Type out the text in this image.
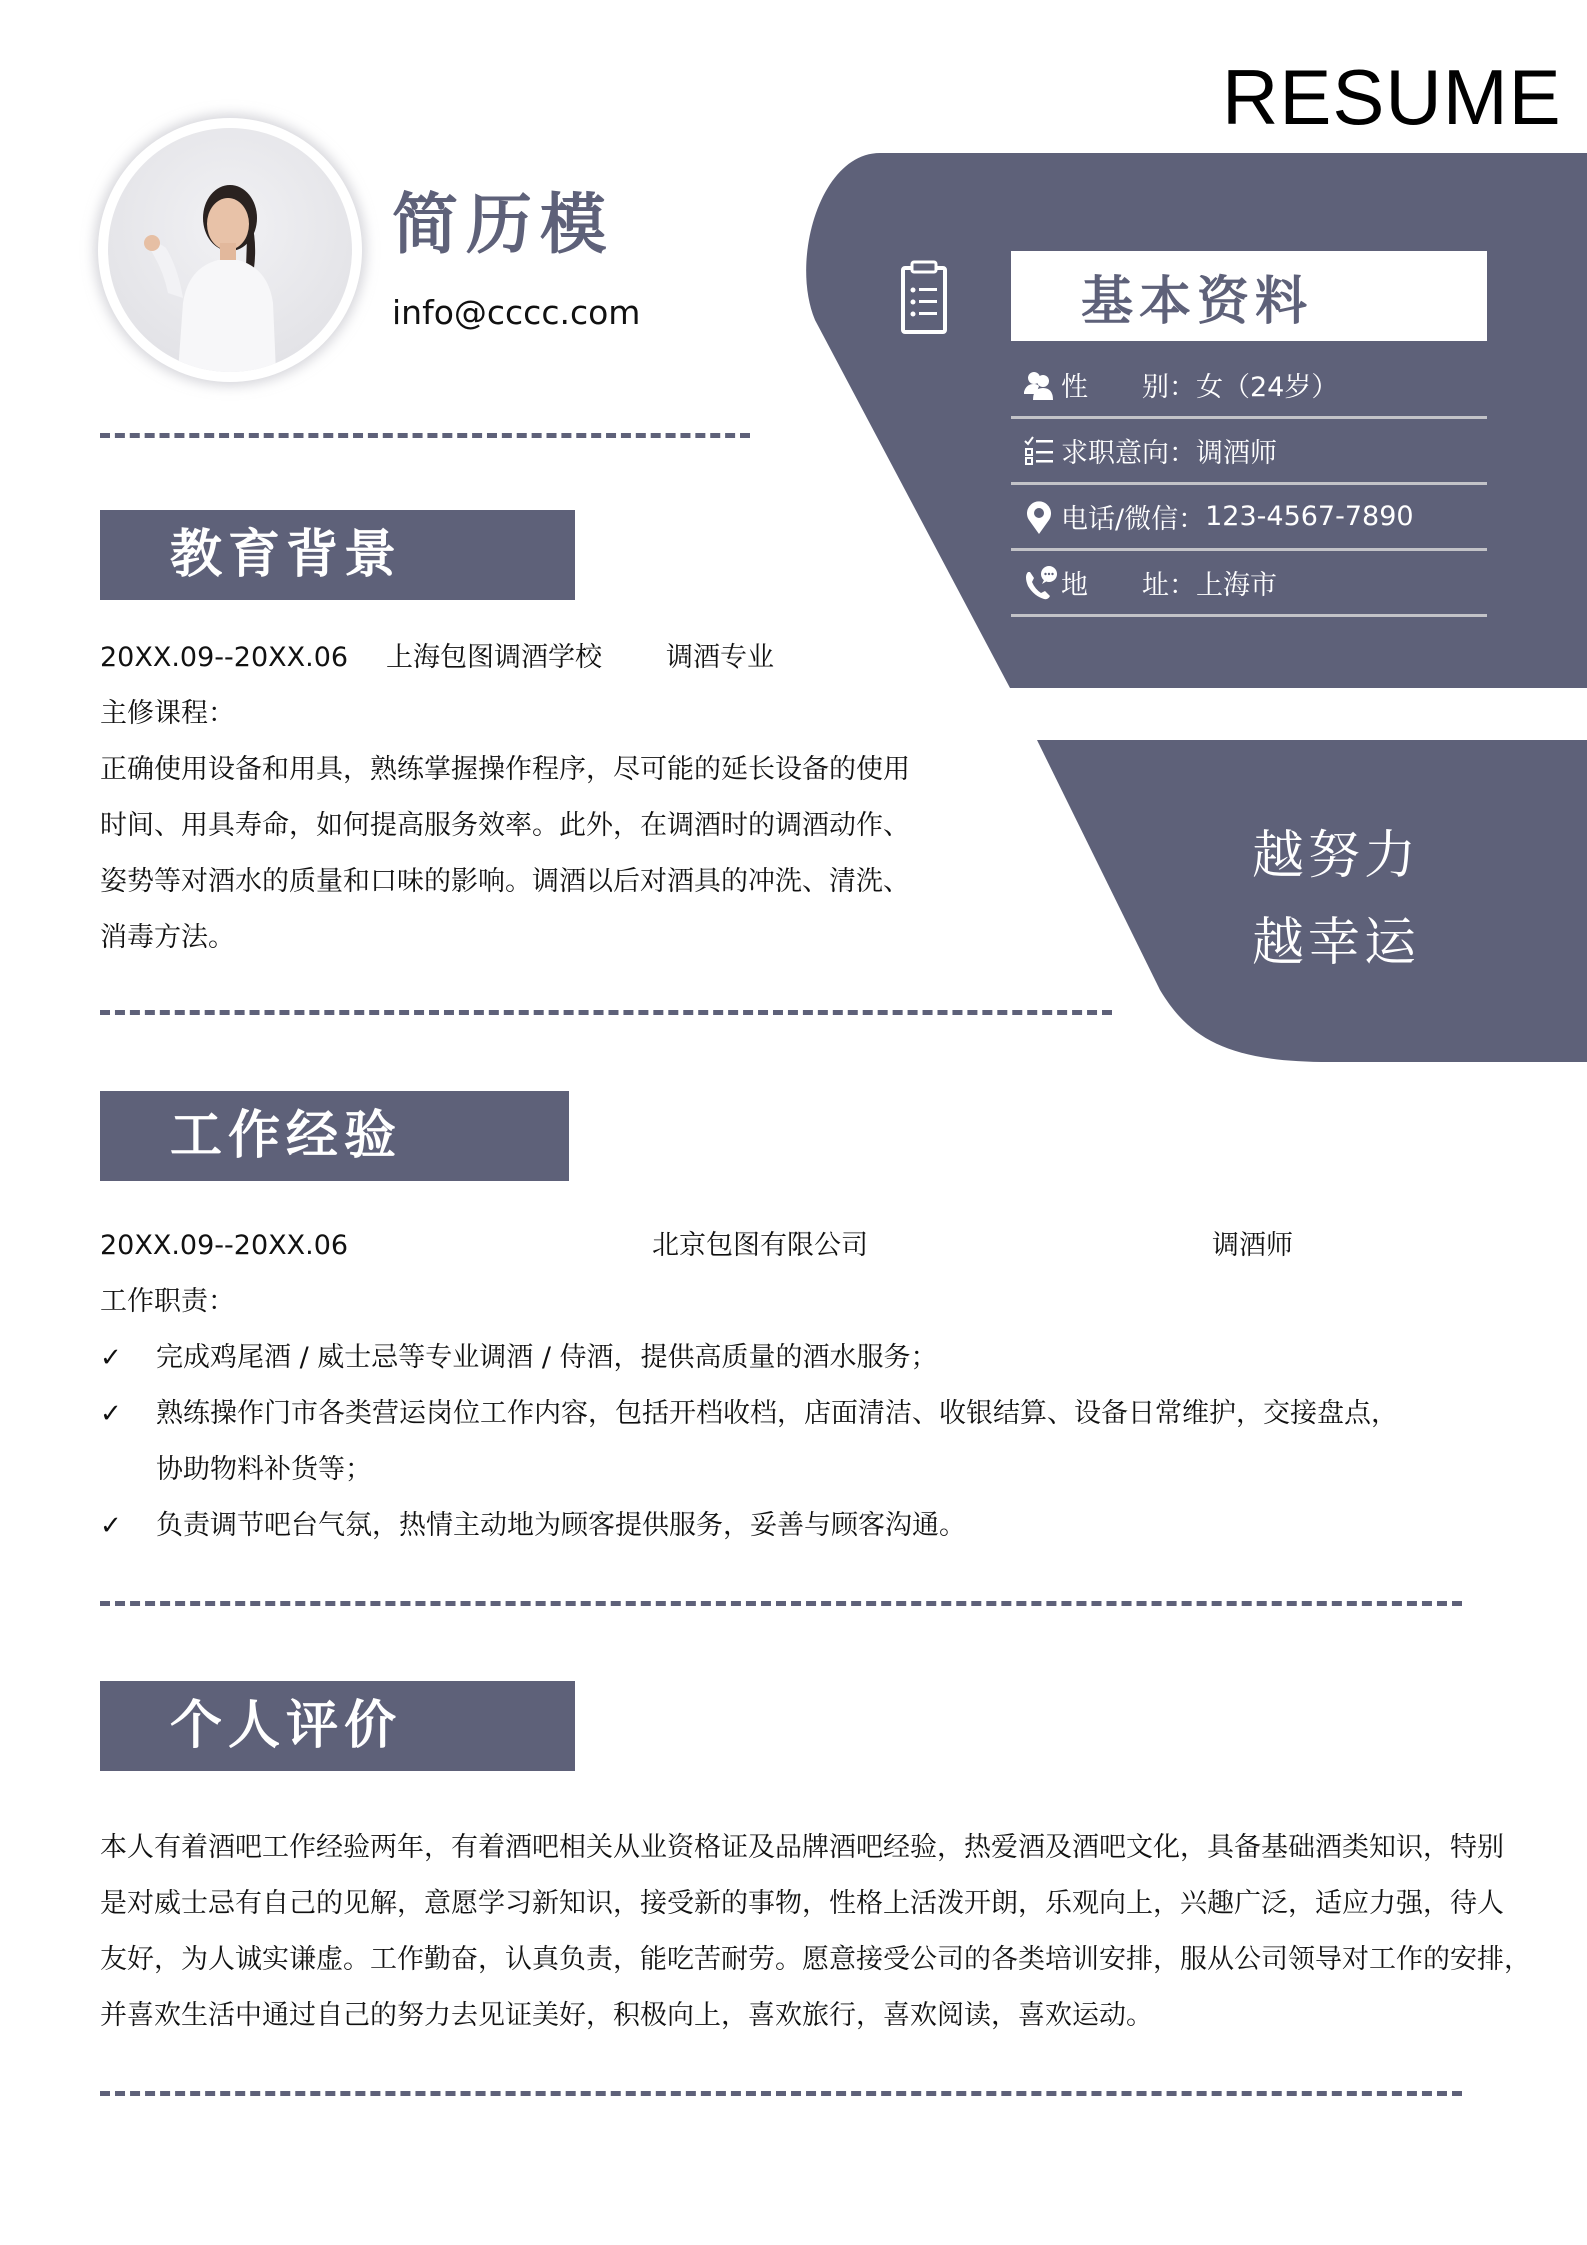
RESUME
简历模
info@cccc.com	基本资料
性　　别： 女（24岁）
求职意向： 调酒师
电话/微信： 123-4567-7890
地　　址： 上海市
越努力
越幸运
教育背景
20XX.09--20XX.06	上海包图调酒学校	调酒专业
主修课程：
正确使用设备和用具，熟练掌握操作程序，尽可能的延长设备的使用
时间、用具寿命，如何提高服务效率。此外，在调酒时的调酒动作、
姿势等对酒水的质量和口味的影响。调酒以后对酒具的冲洗、清洗、
消毒方法。
工作经验
20XX.09--20XX.06	北京包图有限公司	调酒师
工作职责：
✓	完成鸡尾酒 / 威士忌等专业调酒 / 侍酒，提供高质量的酒水服务；
✓	熟练操作门市各类营运岗位工作内容，包括开档收档，店面清洁、收银结算、设备日常维护，交接盘点，
协助物料补货等；
✓	负责调节吧台气氛，热情主动地为顾客提供服务，妥善与顾客沟通。
个人评价
本人有着酒吧工作经验两年，有着酒吧相关从业资格证及品牌酒吧经验，热爱酒及酒吧文化，具备基础酒类知识，特别
是对威士忌有自己的见解，意愿学习新知识，接受新的事物，性格上活泼开朗，乐观向上，兴趣广泛，适应力强，待人
友好，为人诚实谦虚。工作勤奋，认真负责，能吃苦耐劳。愿意接受公司的各类培训安排，服从公司领导对工作的安排，
并喜欢生活中通过自己的努力去见证美好，积极向上，喜欢旅行，喜欢阅读，喜欢运动。
